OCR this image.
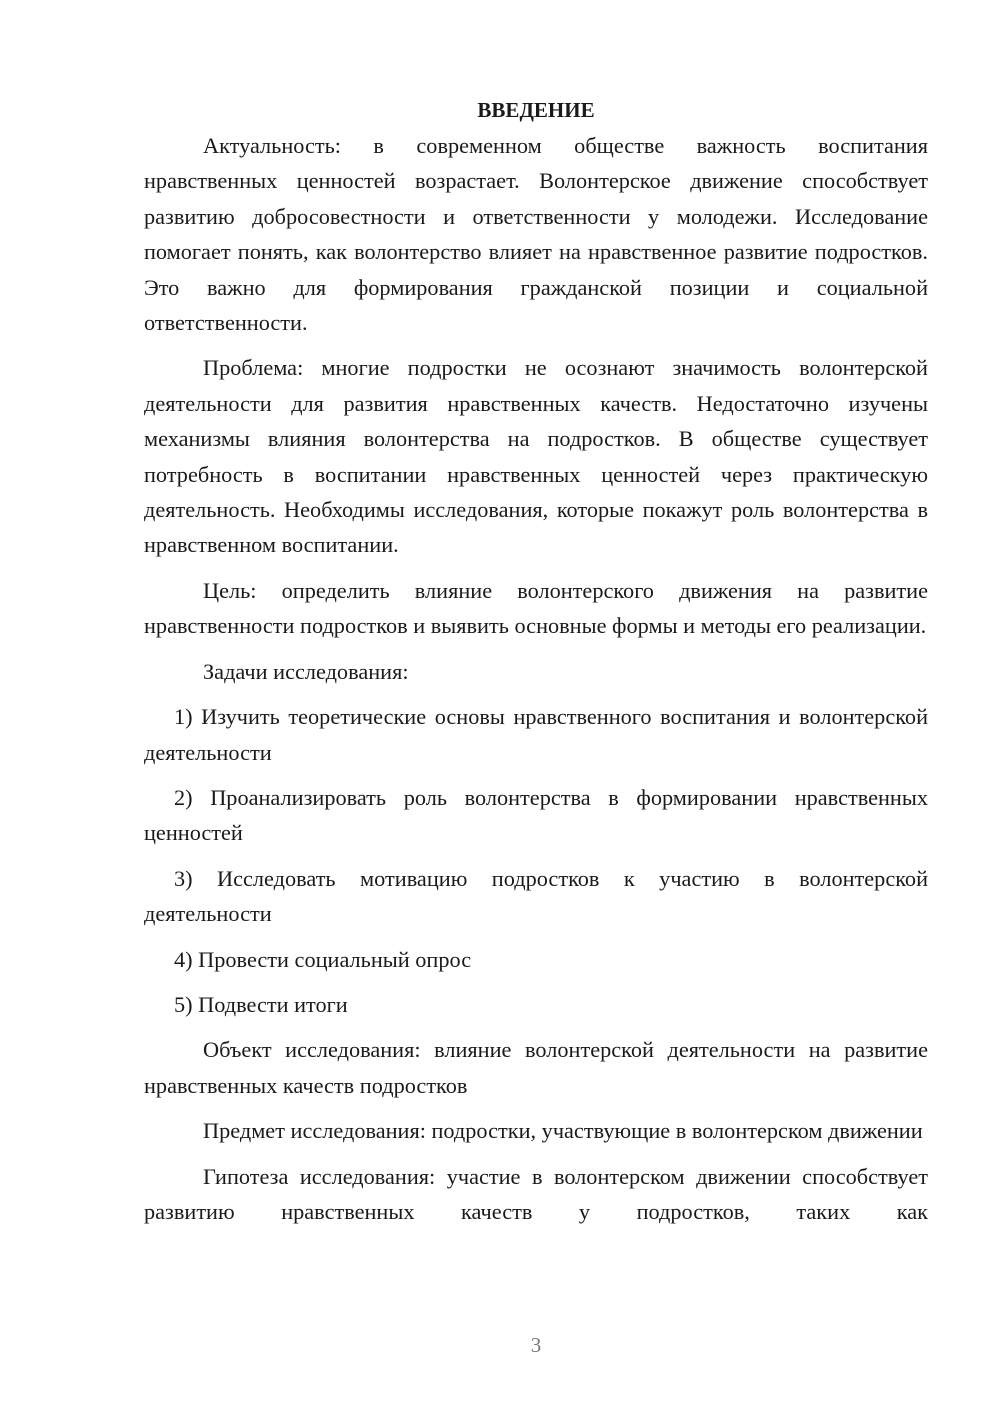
ВВЕДЕНИЕ

Актуальность: в современном обществе важность воспитания нравственных ценностей возрастает. Волонтерское движение способствует развитию добросовестности и ответственности у молодежи. Исследование помогает понять, как волонтерство влияет на нравственное развитие подростков. Это важно для формирования гражданской позиции и социальной ответственности.

Проблема: многие подростки не осознают значимость волонтерской деятельности для развития нравственных качеств. Недостаточно изучены механизмы влияния волонтерства на подростков. В обществе существует потребность в воспитании нравственных ценностей через практическую деятельность. Необходимы исследования, которые покажут роль волонтерства в нравственном воспитании.

Цель: определить влияние волонтерского движения на развитие нравственности подростков и выявить основные формы и методы его реализации.

Задачи исследования:

1) Изучить теоретические основы нравственного воспитания и волонтерской деятельности

2) Проанализировать роль волонтерства в формировании нравственных ценностей

3) Исследовать мотивацию подростков к участию в волонтерской деятельности

4) Провести социальный опрос

5) Подвести итоги

Объект исследования: влияние волонтерской деятельности на развитие нравственных качеств подростков

Предмет исследования: подростки, участвующие в волонтерском движении

Гипотеза исследования: участие в волонтерском движении способствует развитию нравственных качеств у подростков, таких как

3
